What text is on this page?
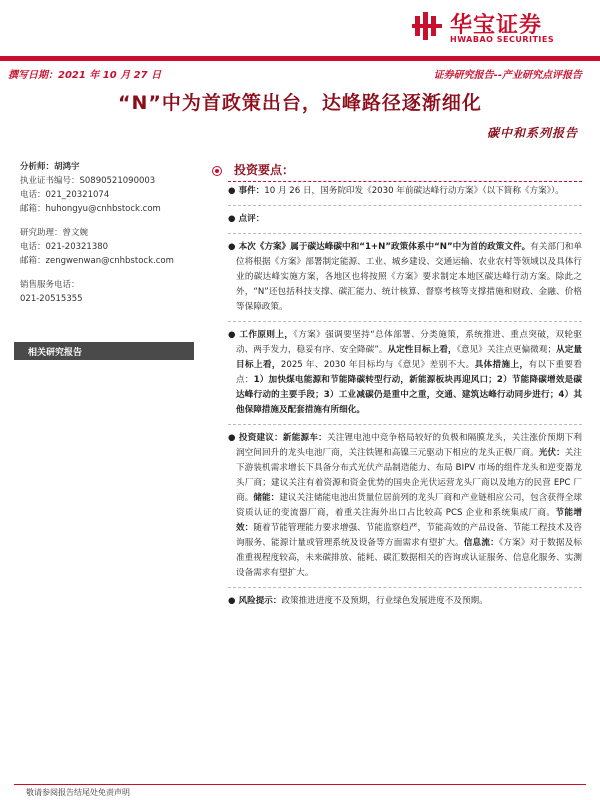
华宝证券
HWABAO SECURITIES
撰写日期：2021 年 10 月 27 日	证券研究报告--产业研究点评报告
“N”中为首政策出台，达峰路径逐渐细化
碳中和系列报告
分析师：胡鸿宇
执业证书编号：S0890521090003
电话：021_20321074
邮箱：huhongyu@cnhbstock.com
研究助理：曾文婉
电话：021-20321380
邮箱：zengwenwan@cnhbstock.com
销售服务电话：
021-20515355
相关研究报告
投资要点：
● 事件：10 月 26 日，国务院印发《2030 年前碳达峰行动方案》（以下简称《方案》）。
● 点评：
● 本次《方案》属于碳达峰碳中和“1+N”政策体系中“N”中为首的政策文件。有关部门和单位将根据《方案》部署制定能源、工业、城乡建设、交通运输、农业农村等领域以及具体行业的碳达峰实施方案，各地区也将按照《方案》要求制定本地区碳达峰行动方案。除此之外，“N”还包括科技支撑、碳汇能力、统计核算、督察考核等支撑措施和财政、金融、价格等保障政策。
● 工作原则上，《方案》强调要坚持“总体部署、分类施策，系统推进、重点突破，双轮驱动、两手发力，稳妥有序、安全降碳”。从定性目标上看，《意见》关注点更偏微观；从定量目标上看，2025 年、2030 年目标均与《意见》差别不大。具体措施上，有以下重要看点：1）加快煤电能源和节能降碳转型行动，新能源板块再迎风口；2）节能降碳增效是碳达峰行动的主要手段；3）工业减碳仍是重中之重，交通、建筑达峰行动同步进行；4）其他保障措施及配套措施有所细化。
● 投资建议：新能源车：关注锂电池中竞争格局较好的负极和隔膜龙头，关注涨价预期下利润空间回升的龙头电池厂商，关注铁锂和高镍三元驱动下相应的龙头正极厂商。光伏：关注下游装机需求增长下具备分布式光伏产品制造能力、布局 BIPV 市场的组件龙头和逆变器龙头厂商；建议关注有着资源和资金优势的国央企光伏运营龙头厂商以及地方的民营 EPC 厂商。储能：建议关注储能电池出货量位居前列的龙头厂商和产业链相应公司，包含获得全球资质认证的变流器厂商，着重关注海外出口占比较高 PCS 企业和系统集成厂商。节能增效：随着节能管理能力要求增强、节能监察趋严，节能高效的产品设备、节能工程技术及咨询服务、能源计量或管理系统及设备等方面需求有望扩大。信息流：《方案》对于数据及标准重视程度较高，未来碳排放、能耗、碳汇数据相关的咨询或认证服务、信息化服务、实测设备需求有望扩大。
● 风险提示：政策推进进度不及预期，行业绿色发展进度不及预期。
敬请参阅报告结尾处免责声明
